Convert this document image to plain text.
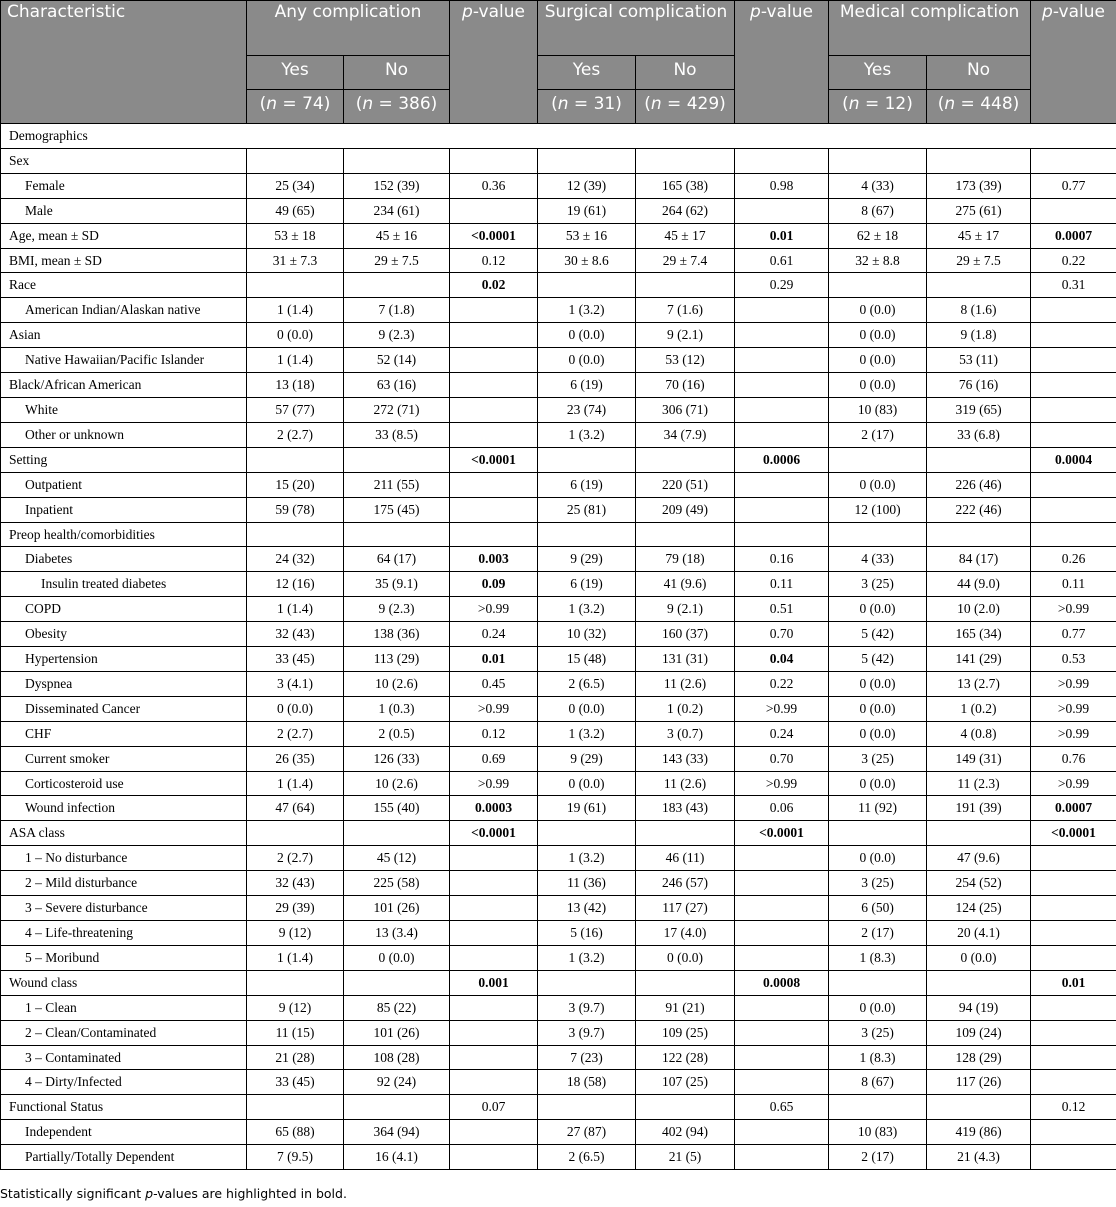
Characteristic	Any complication		p-value	Surgical complication		p-value	Medical complication		p-value
	Yes	No		Yes	No		Yes	No	
	(n = 74)	(n = 386)		(n = 31)	(n = 429)		(n = 12)	(n = 448)	
Demographics									
Sex									
Female	25 (34)	152 (39)	0.36	12 (39)	165 (38)	0.98	4 (33)	173 (39)	0.77
Male	49 (65)	234 (61)		19 (61)	264 (62)		8 (67)	275 (61)	
Age, mean ± SD	53 ± 18	45 ± 16	<0.0001	53 ± 16	45 ± 17	0.01	62 ± 18	45 ± 17	0.0007
BMI, mean ± SD	31 ± 7.3	29 ± 7.5	0.12	30 ± 8.6	29 ± 7.4	0.61	32 ± 8.8	29 ± 7.5	0.22
Race			0.02			0.29			0.31
American Indian/Alaskan native	1 (1.4)	7 (1.8)		1 (3.2)	7 (1.6)		0 (0.0)	8 (1.6)	
Asian	0 (0.0)	9 (2.3)		0 (0.0)	9 (2.1)		0 (0.0)	9 (1.8)	
Native Hawaiian/Pacific Islander	1 (1.4)	52 (14)		0 (0.0)	53 (12)		0 (0.0)	53 (11)	
Black/African American	13 (18)	63 (16)		6 (19)	70 (16)		0 (0.0)	76 (16)	
White	57 (77)	272 (71)		23 (74)	306 (71)		10 (83)	319 (65)	
Other or unknown	2 (2.7)	33 (8.5)		1 (3.2)	34 (7.9)		2 (17)	33 (6.8)	
Setting			<0.0001			0.0006			0.0004
Outpatient	15 (20)	211 (55)		6 (19)	220 (51)		0 (0.0)	226 (46)	
Inpatient	59 (78)	175 (45)		25 (81)	209 (49)		12 (100)	222 (46)	
Preop health/comorbidities									
Diabetes	24 (32)	64 (17)	0.003	9 (29)	79 (18)	0.16	4 (33)	84 (17)	0.26
Insulin treated diabetes	12 (16)	35 (9.1)	0.09	6 (19)	41 (9.6)	0.11	3 (25)	44 (9.0)	0.11
COPD	1 (1.4)	9 (2.3)	>0.99	1 (3.2)	9 (2.1)	0.51	0 (0.0)	10 (2.0)	>0.99
Obesity	32 (43)	138 (36)	0.24	10 (32)	160 (37)	0.70	5 (42)	165 (34)	0.77
Hypertension	33 (45)	113 (29)	0.01	15 (48)	131 (31)	0.04	5 (42)	141 (29)	0.53
Dyspnea	3 (4.1)	10 (2.6)	0.45	2 (6.5)	11 (2.6)	0.22	0 (0.0)	13 (2.7)	>0.99
Disseminated Cancer	0 (0.0)	1 (0.3)	>0.99	0 (0.0)	1 (0.2)	>0.99	0 (0.0)	1 (0.2)	>0.99
CHF	2 (2.7)	2 (0.5)	0.12	1 (3.2)	3 (0.7)	0.24	0 (0.0)	4 (0.8)	>0.99
Current smoker	26 (35)	126 (33)	0.69	9 (29)	143 (33)	0.70	3 (25)	149 (31)	0.76
Corticosteroid use	1 (1.4)	10 (2.6)	>0.99	0 (0.0)	11 (2.6)	>0.99	0 (0.0)	11 (2.3)	>0.99
Wound infection	47 (64)	155 (40)	0.0003	19 (61)	183 (43)	0.06	11 (92)	191 (39)	0.0007
ASA class			<0.0001			<0.0001			<0.0001
1 – No disturbance	2 (2.7)	45 (12)		1 (3.2)	46 (11)		0 (0.0)	47 (9.6)	
2 – Mild disturbance	32 (43)	225 (58)		11 (36)	246 (57)		3 (25)	254 (52)	
3 – Severe disturbance	29 (39)	101 (26)		13 (42)	117 (27)		6 (50)	124 (25)	
4 – Life-threatening	9 (12)	13 (3.4)		5 (16)	17 (4.0)		2 (17)	20 (4.1)	
5 – Moribund	1 (1.4)	0 (0.0)		1 (3.2)	0 (0.0)		1 (8.3)	0 (0.0)	
Wound class			0.001			0.0008			0.01
1 – Clean	9 (12)	85 (22)		3 (9.7)	91 (21)		0 (0.0)	94 (19)	
2 – Clean/Contaminated	11 (15)	101 (26)		3 (9.7)	109 (25)		3 (25)	109 (24)	
3 – Contaminated	21 (28)	108 (28)		7 (23)	122 (28)		1 (8.3)	128 (29)	
4 – Dirty/Infected	33 (45)	92 (24)		18 (58)	107 (25)		8 (67)	117 (26)	
Functional Status			0.07			0.65			0.12
Independent	65 (88)	364 (94)		27 (87)	402 (94)		10 (83)	419 (86)	
Partially/Totally Dependent	7 (9.5)	16 (4.1)		2 (6.5)	21 (5)		2 (17)	21 (4.3)	
Statistically significant p-values are highlighted in bold.
